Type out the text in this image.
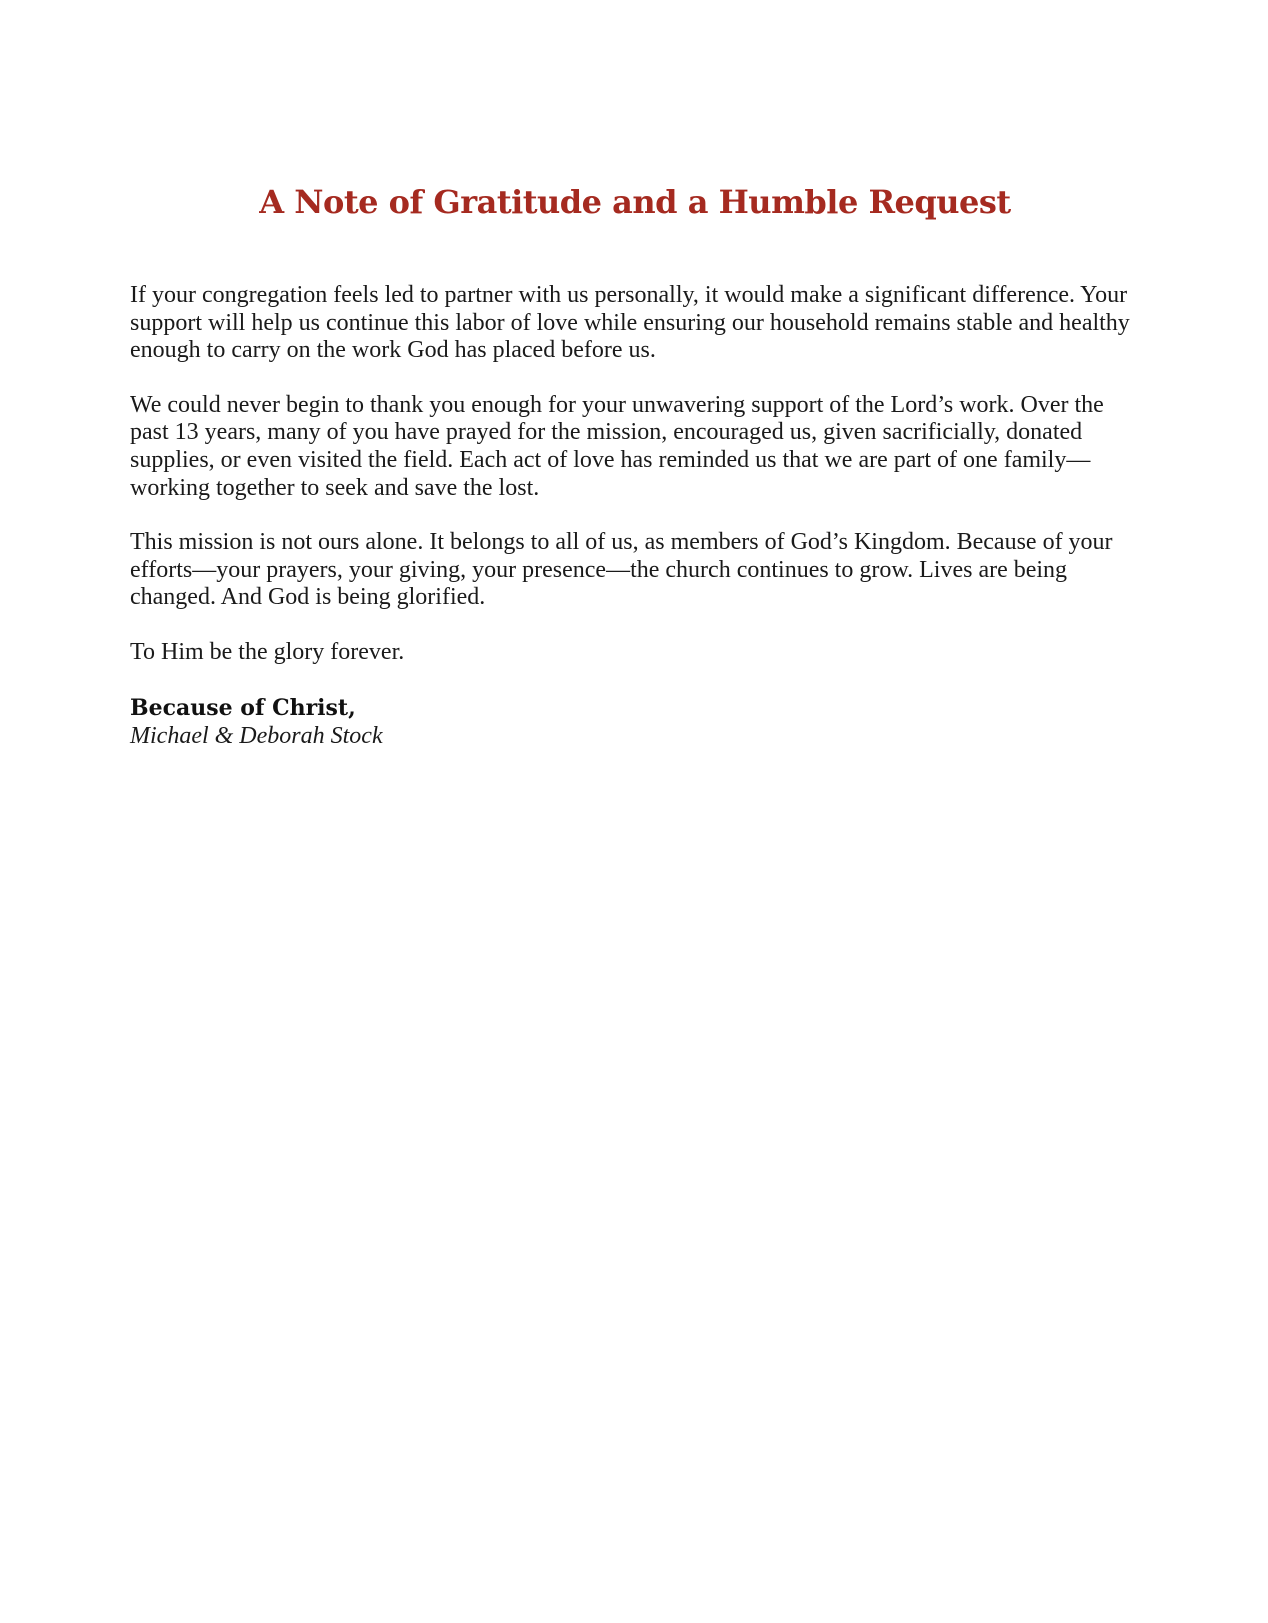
A Note of Gratitude and a Humble Request

If your congregation feels led to partner with us personally, it would make a significant difference. Your support will help us continue this labor of love while ensuring our household remains stable and healthy enough to carry on the work God has placed before us.

We could never begin to thank you enough for your unwavering support of the Lord’s work. Over the past 13 years, many of you have prayed for the mission, encouraged us, given sacrificially, donated supplies, or even visited the field. Each act of love has reminded us that we are part of one family—working together to seek and save the lost.

This mission is not ours alone. It belongs to all of us, as members of God’s Kingdom. Because of your efforts—your prayers, your giving, your presence—the church continues to grow. Lives are being changed. And God is being glorified.

To Him be the glory forever.

Because of Christ,

Michael & Deborah Stock
